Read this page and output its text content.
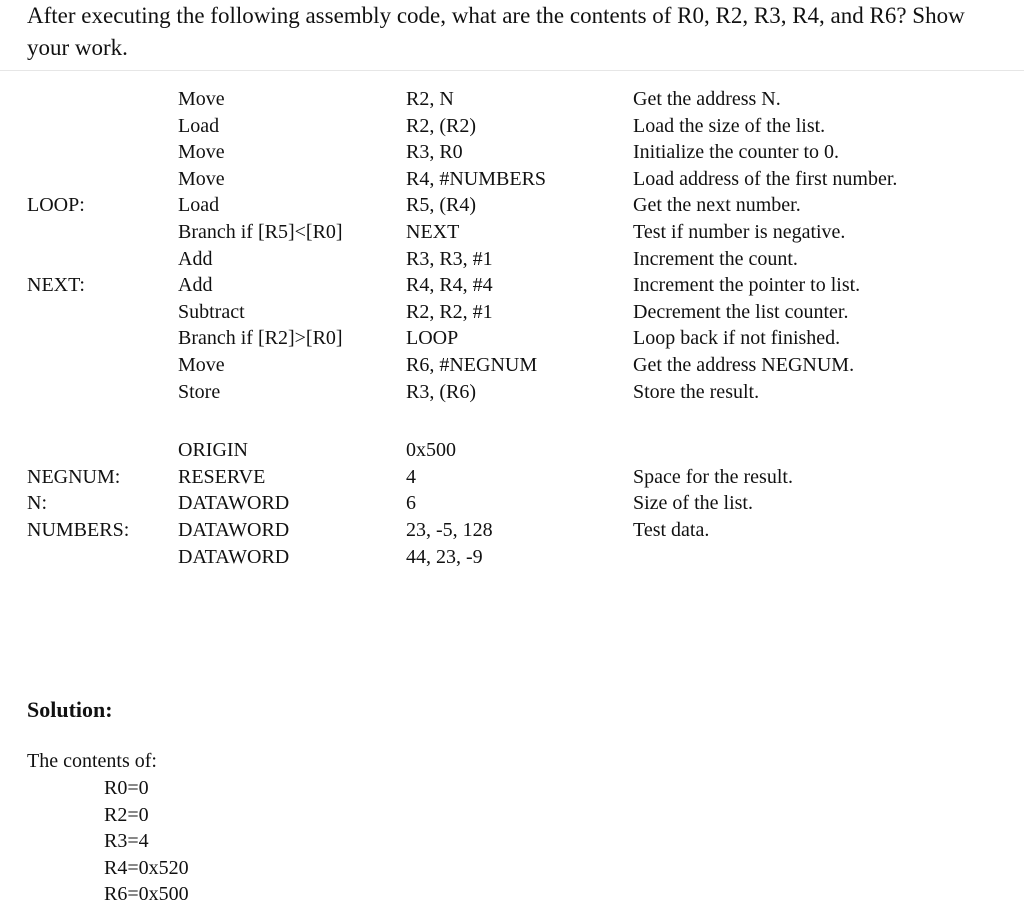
After executing the following assembly code, what are the contents of R0, R2, R3, R4, and R6? Show your work.
Move	R2, N	Get the address N.
Load	R2, (R2)	Load the size of the list.
Move	R3, R0	Initialize the counter to 0.
Move	R4, #NUMBERS	Load address of the first number.
LOOP:	Load	R5, (R4)	Get the next number.
Branch if [R5]<[R0]	NEXT	Test if number is negative.
Add	R3, R3, #1	Increment the count.
NEXT:	Add	R4, R4, #4	Increment the pointer to list.
Subtract	R2, R2, #1	Decrement the list counter.
Branch if [R2]>[R0]	LOOP	Loop back if not finished.
Move	R6, #NEGNUM	Get the address NEGNUM.
Store	R3, (R6)	Store the result.
ORIGIN	0x500
NEGNUM:	RESERVE	4	Space for the result.
N:	DATAWORD	6	Size of the list.
NUMBERS: DATAWORD	23, -5, 128	Test data.
DATAWORD	44, 23, -9
Solution:
The contents of:
R0=0
R2=0
R3=4
R4=0x520
R6=0x500
